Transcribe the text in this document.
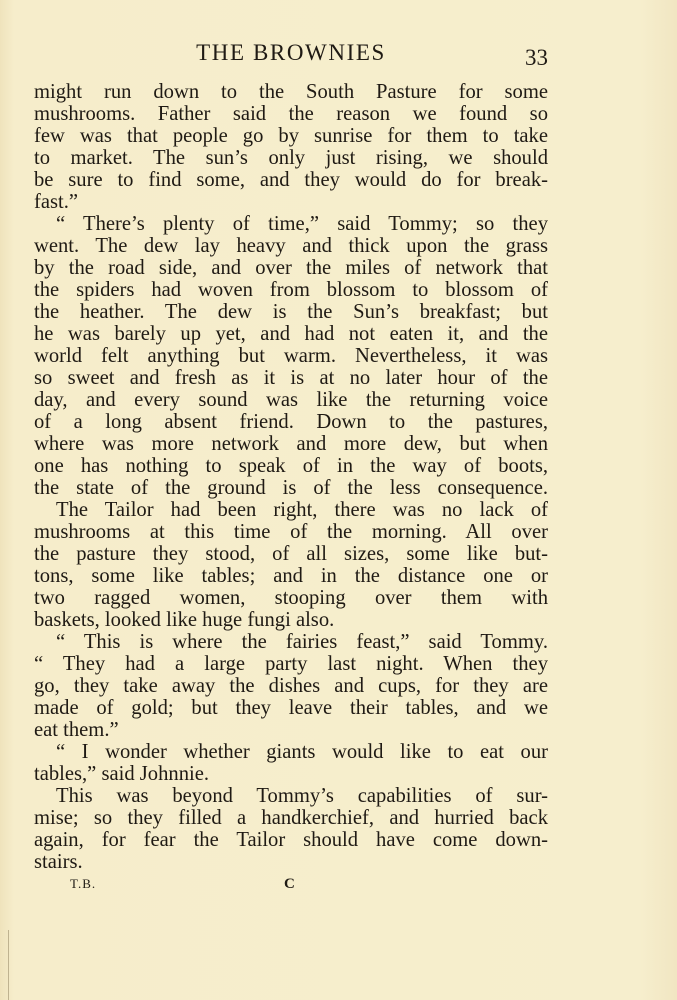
THE BROWNIES	33
might run down to the South Pasture for some
mushrooms. Father said the reason we found so
few was that people go by sunrise for them to take
to market. The sun’s only just rising, we should
be sure to find some, and they would do for break-
fast.”
“ There’s plenty of time,” said Tommy; so they
went. The dew lay heavy and thick upon the grass
by the road side, and over the miles of network that
the spiders had woven from blossom to blossom of
the heather. The dew is the Sun’s breakfast; but
he was barely up yet, and had not eaten it, and the
world felt anything but warm. Nevertheless, it was
so sweet and fresh as it is at no later hour of the
day, and every sound was like the returning voice
of a long absent friend. Down to the pastures,
where was more network and more dew, but when
one has nothing to speak of in the way of boots,
the state of the ground is of the less consequence.
The Tailor had been right, there was no lack of
mushrooms at this time of the morning. All over
the pasture they stood, of all sizes, some like but-
tons, some like tables; and in the distance one or
two ragged women, stooping over them with
baskets, looked like huge fungi also.
“ This is where the fairies feast,” said Tommy.
“ They had a large party last night. When they
go, they take away the dishes and cups, for they are
made of gold; but they leave their tables, and we
eat them.”
“ I wonder whether giants would like to eat our
tables,” said Johnnie.
This was beyond Tommy’s capabilities of sur-
mise; so they filled a handkerchief, and hurried back
again, for fear the Tailor should have come down-
stairs.
T.B.	C
